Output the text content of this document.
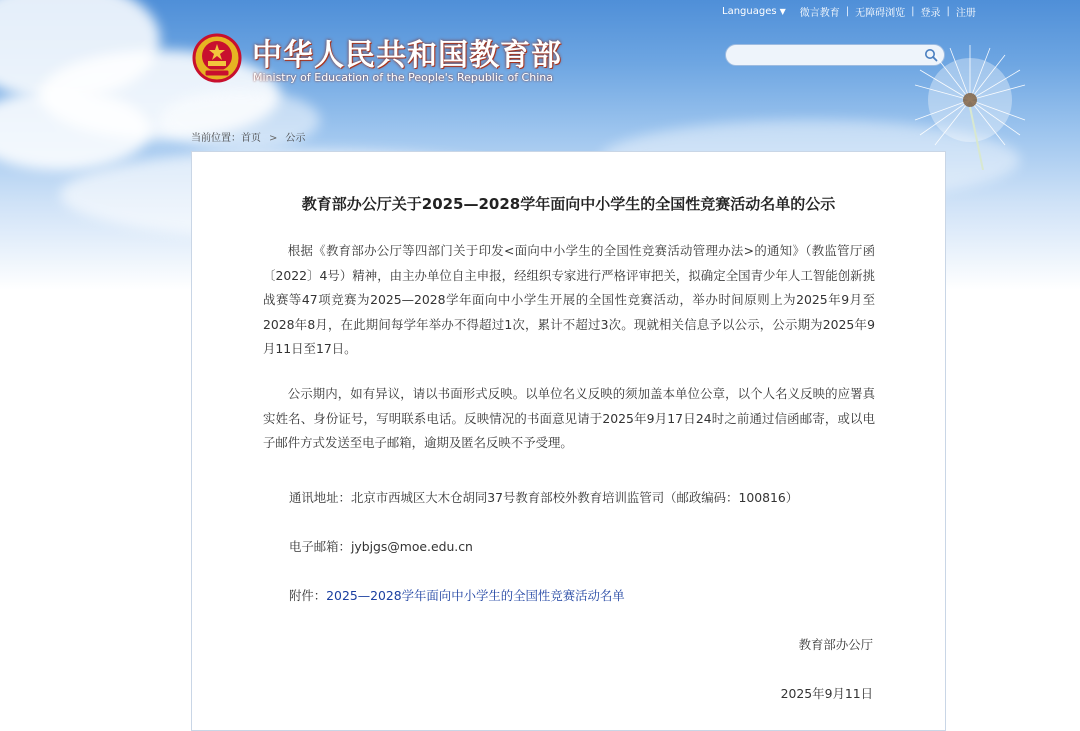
中华人民共和国教育部
Ministry of Education of the People's Republic of China
Languages ▼ 微言教育 | 无障碍浏览 | 登录 | 注册
当前位置：首页 > 公示
教育部办公厅关于2025—2028学年面向中小学生的全国性竞赛活动名单的公示

根据《教育部办公厅等四部门关于印发<面向中小学生的全国性竞赛活动管理办法>的通知》（教监管厅函〔2022〕4号）精神，由主办单位自主申报，经组织专家进行严格评审把关，拟确定全国青少年人工智能创新挑战赛等47项竞赛为2025—2028学年面向中小学生开展的全国性竞赛活动，举办时间原则上为2025年9月至2028年8月，在此期间每学年举办不得超过1次，累计不超过3次。现就相关信息予以公示，公示期为2025年9月11日至17日。

公示期内，如有异议，请以书面形式反映。以单位名义反映的须加盖本单位公章，以个人名义反映的应署真实姓名、身份证号，写明联系电话。反映情况的书面意见请于2025年9月17日24时之前通过信函邮寄，或以电子邮件方式发送至电子邮箱，逾期及匿名反映不予受理。

通讯地址：北京市西城区大木仓胡同37号教育部校外教育培训监管司（邮政编码：100816）
电子邮箱：jybjgs@moe.edu.cn
附件：2025—2028学年面向中小学生的全国性竞赛活动名单
教育部办公厅
2025年9月11日
